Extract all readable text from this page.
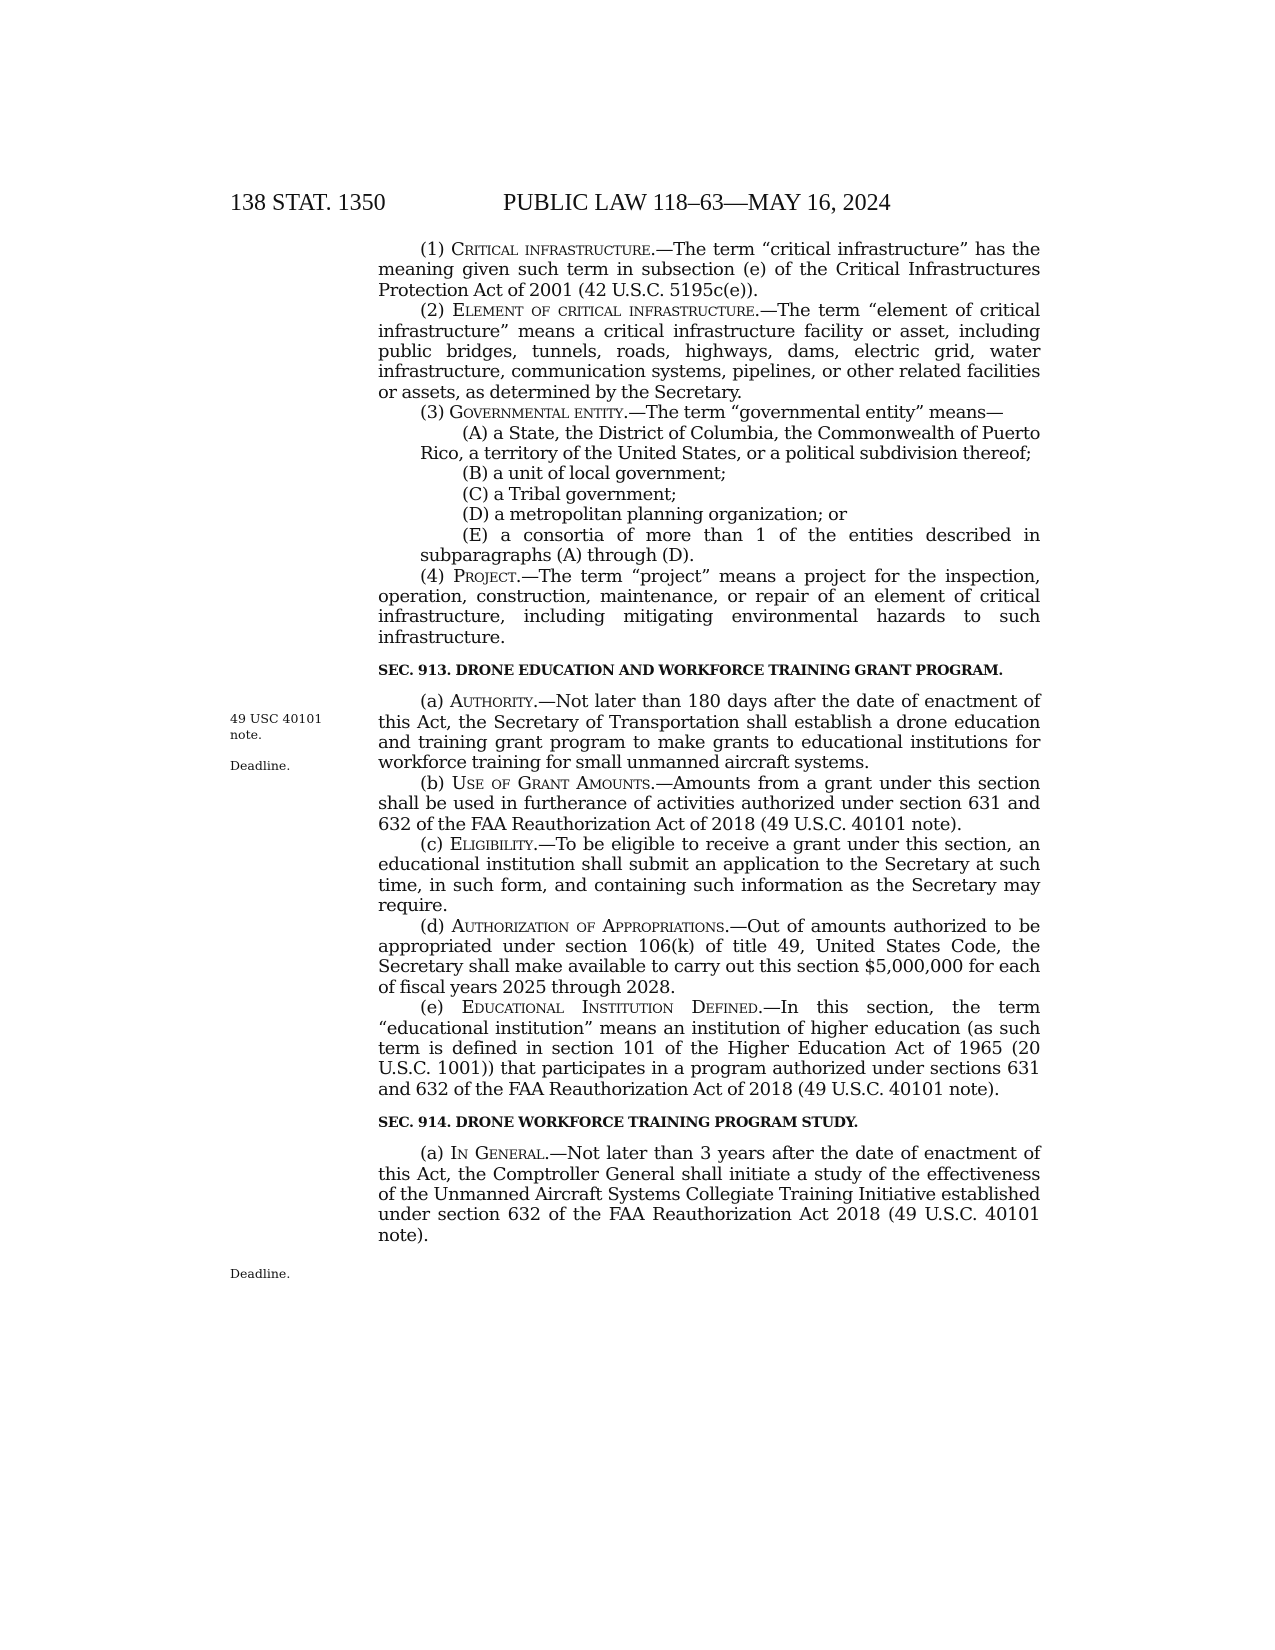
138 STAT. 1350	PUBLIC LAW 118–63—MAY 16, 2024
49 USC 40101 note.
Deadline.
Deadline.

(1) Critical infrastructure.—The term “critical infrastructure” has the meaning given such term in subsection (e) of the Critical Infrastructures Protection Act of 2001 (42 U.S.C. 5195c(e)).

(2) Element of critical infrastructure.—The term “element of critical infrastructure” means a critical infrastructure facility or asset, including public bridges, tunnels, roads, highways, dams, electric grid, water infrastructure, communication systems, pipelines, or other related facilities or assets, as determined by the Secretary.

(3) Governmental entity.—The term “governmental entity” means—

(A) a State, the District of Columbia, the Commonwealth of Puerto Rico, a territory of the United States, or a political subdivision thereof;

(B) a unit of local government;

(C) a Tribal government;

(D) a metropolitan planning organization; or

(E) a consortia of more than 1 of the entities described in subparagraphs (A) through (D).

(4) Project.—The term “project” means a project for the inspection, operation, construction, maintenance, or repair of an element of critical infrastructure, including mitigating environmental hazards to such infrastructure.

SEC. 913. DRONE EDUCATION AND WORKFORCE TRAINING GRANT PROGRAM.

(a) Authority.—Not later than 180 days after the date of enactment of this Act, the Secretary of Transportation shall establish a drone education and training grant program to make grants to educational institutions for workforce training for small unmanned aircraft systems.

(b) Use of Grant Amounts.—Amounts from a grant under this section shall be used in furtherance of activities authorized under section 631 and 632 of the FAA Reauthorization Act of 2018 (49 U.S.C. 40101 note).

(c) Eligibility.—To be eligible to receive a grant under this section, an educational institution shall submit an application to the Secretary at such time, in such form, and containing such information as the Secretary may require.

(d) Authorization of Appropriations.—Out of amounts authorized to be appropriated under section 106(k) of title 49, United States Code, the Secretary shall make available to carry out this section $5,000,000 for each of fiscal years 2025 through 2028.

(e) Educational Institution Defined.—In this section, the term “educational institution” means an institution of higher education (as such term is defined in section 101 of the Higher Education Act of 1965 (20 U.S.C. 1001)) that participates in a program authorized under sections 631 and 632 of the FAA Reauthorization Act of 2018 (49 U.S.C. 40101 note).

SEC. 914. DRONE WORKFORCE TRAINING PROGRAM STUDY.

(a) In General.—Not later than 3 years after the date of enactment of this Act, the Comptroller General shall initiate a study of the effectiveness of the Unmanned Aircraft Systems Collegiate Training Initiative established under section 632 of the FAA Reauthorization Act 2018 (49 U.S.C. 40101 note).
